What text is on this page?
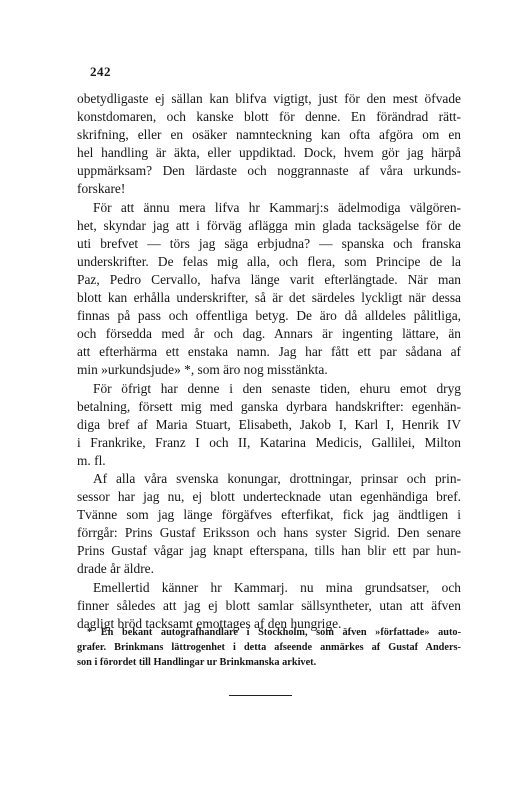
242
obetydligaste ej sällan kan blifva vigtigt, just för den mest öfvade
konstdomaren, och kanske blott för denne. En förändrad rätt-
skrifning, eller en osäker namnteckning kan ofta afgöra om en
hel handling är äkta, eller uppdiktad. Dock, hvem gör jag härpå
uppmärksam? Den lärdaste och noggrannaste af våra urkunds-
forskare!
För att ännu mera lifva hr Kammarj:s ädelmodiga välgören-
het, skyndar jag att i förväg aflägga min glada tacksägelse för de
uti brefvet — törs jag säga erbjudna? — spanska och franska
underskrifter. De felas mig alla, och flera, som Principe de la
Paz, Pedro Cervallo, hafva länge varit efterlängtade. När man
blott kan erhålla underskrifter, så är det särdeles lyckligt när dessa
finnas på pass och offentliga betyg. De äro då alldeles pålitliga,
och försedda med år och dag. Annars är ingenting lättare, än
att efterhärma ett enstaka namn. Jag har fått ett par sådana af
min »urkundsjude» *, som äro nog misstänkta.
För öfrigt har denne i den senaste tiden, ehuru emot dryg
betalning, försett mig med ganska dyrbara handskrifter: egenhän-
diga bref af Maria Stuart, Elisabeth, Jakob I, Karl I, Henrik IV
i Frankrike, Franz I och II, Katarina Medicis, Gallilei, Milton
m. fl.
Af alla våra svenska konungar, drottningar, prinsar och prin-
sessor har jag nu, ej blott undertecknade utan egenhändiga bref.
Tvänne som jag länge förgäfves efterfikat, fick jag ändtligen i
förrgår: Prins Gustaf Eriksson och hans syster Sigrid. Den senare
Prins Gustaf vågar jag knapt efterspana, tills han blir ett par hun-
drade år äldre.
Emellertid känner hr Kammarj. nu mina grundsatser, och
finner således att jag ej blott samlar sällsyntheter, utan att äfven
dagligt bröd tacksamt emottages af den hungrige.
* En bekant autografhandlare i Stockholm, som äfven »författade» auto-
grafer. Brinkmans lättrogenhet i detta afseende anmärkes af Gustaf Anders-
son i förordet till Handlingar ur Brinkmanska arkivet.
